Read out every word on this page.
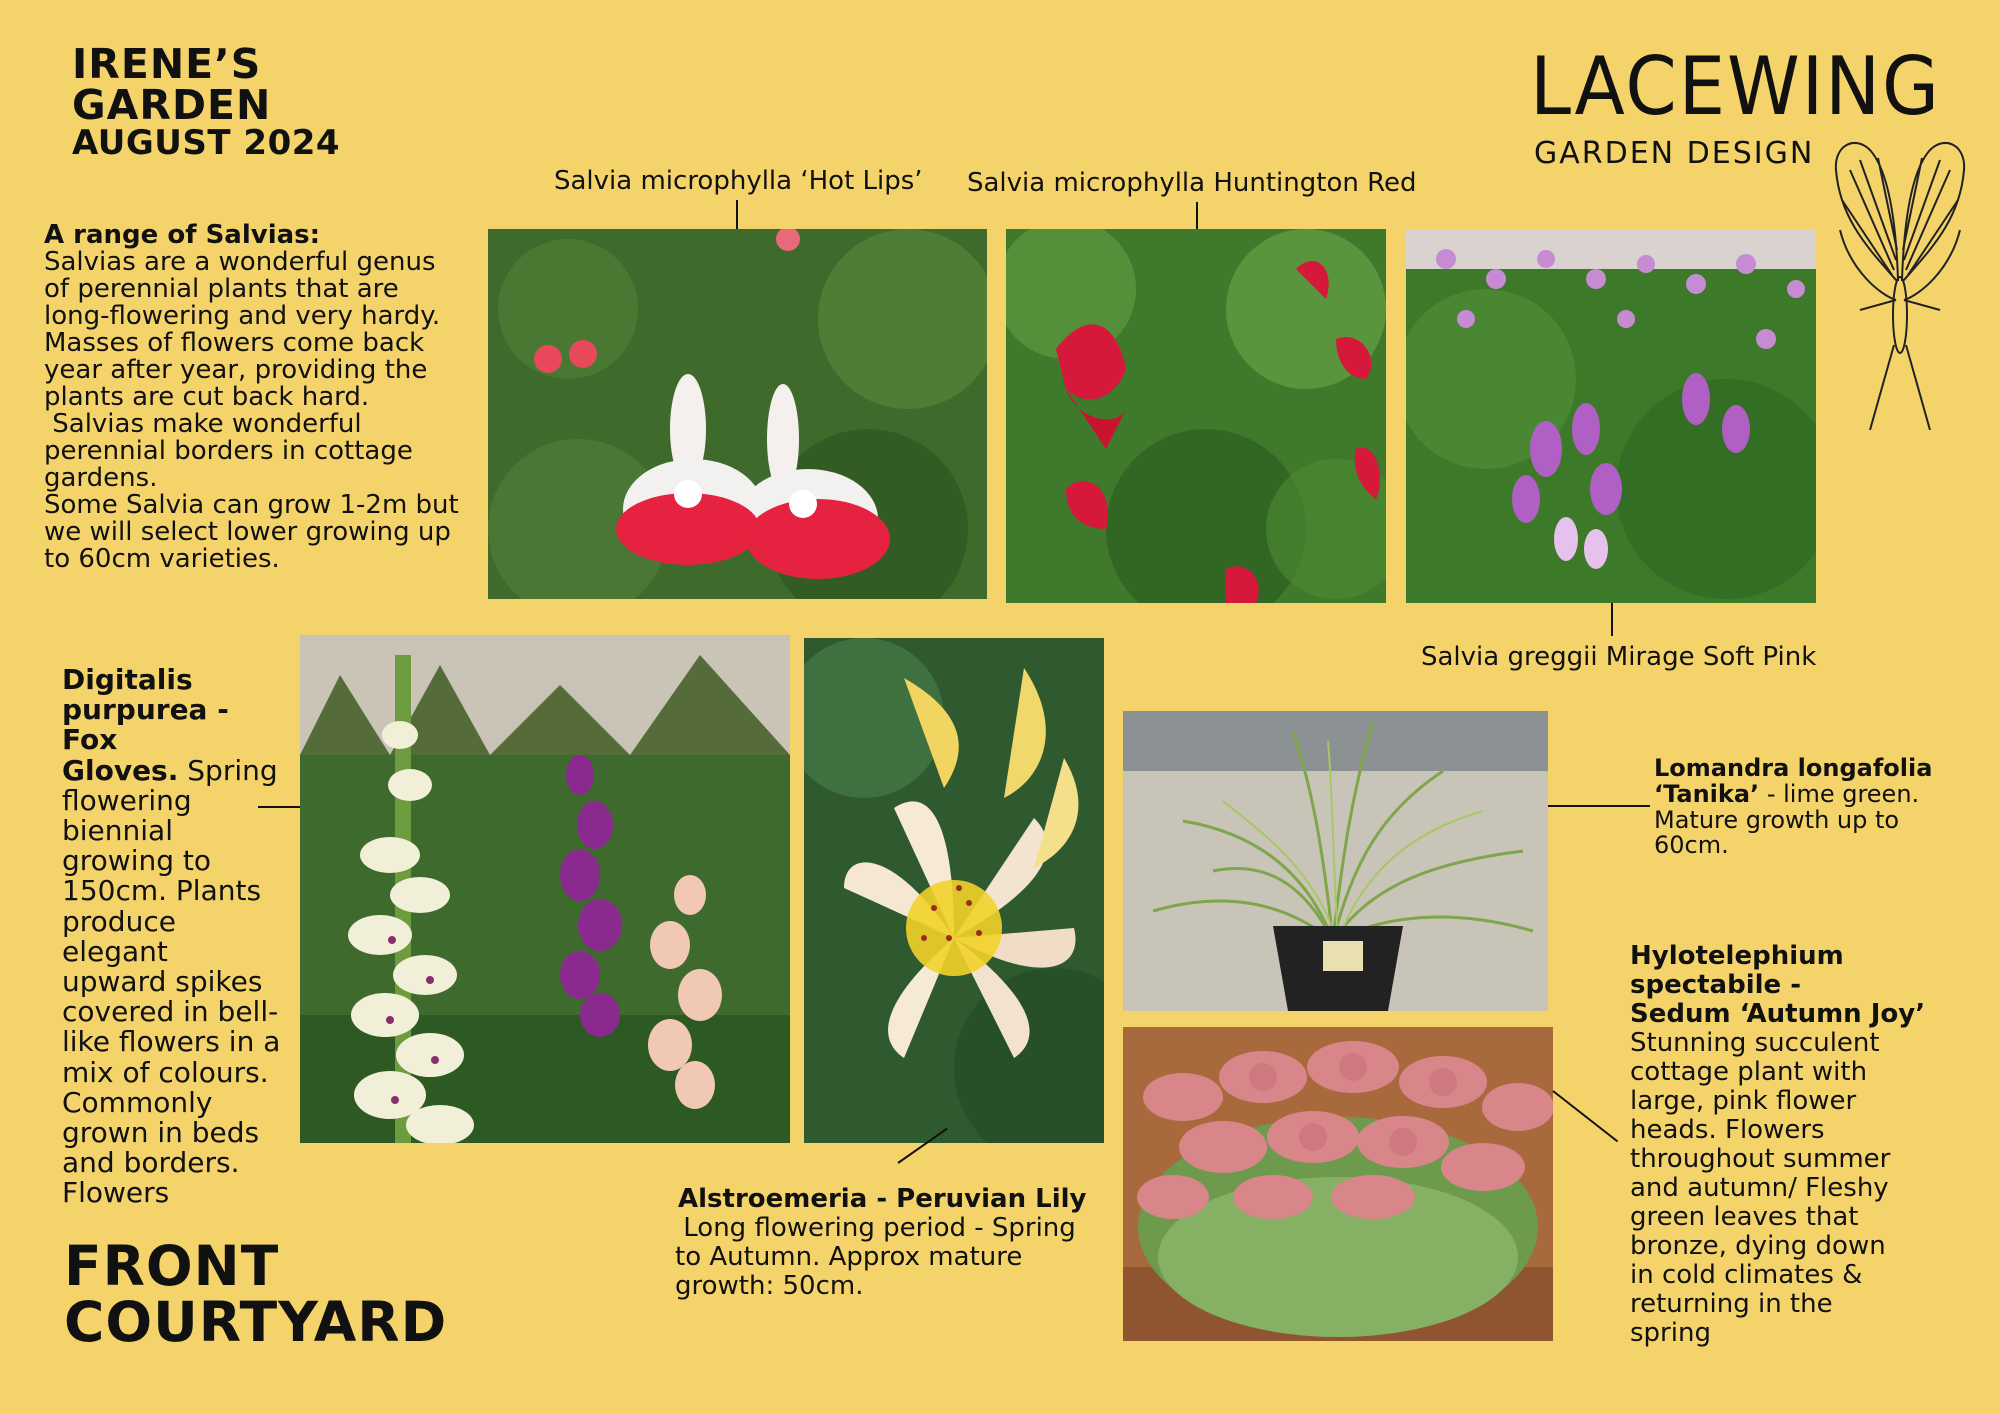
IRENE’S
GARDEN
AUGUST 2024
LACEWING
GARDEN DESIGN
A range of Salvias:
Salvias are a wonderful genus
of perennial plants that are
long-flowering and very hardy.
Masses of flowers come back
year after year, providing the
plants are cut back hard.
Salvias make wonderful
perennial borders in cottage
gardens.
Some Salvia can grow 1-2m but
we will select lower growing up
to 60cm varieties.
Salvia microphylla ‘Hot Lips’ Salvia microphylla Huntington Red
Salvia greggii Mirage Soft Pink
Digitalis
purpurea - Fox
Gloves. Spring
flowering
biennial
growing to
150cm. Plants
produce
elegant
upward spikes
covered in bell-
like flowers in a
mix of colours.
Commonly
grown in beds
and borders.
Flowers	Alstroemeria - Peruvian Lily
Long flowering period - Spring
to Autumn. Approx mature
growth: 50cm.
Lomandra longafolia
‘Tanika’ - lime green.
Mature growth up to
60cm.
Hylotelephium
spectabile -
Sedum ‘Autumn Joy’
Stunning succulent
cottage plant with
large, pink flower
heads. Flowers
throughout summer
and autumn/ Fleshy
green leaves that
bronze, dying down
in cold climates &
returning in the
spring
FRONT
COURTYARD
